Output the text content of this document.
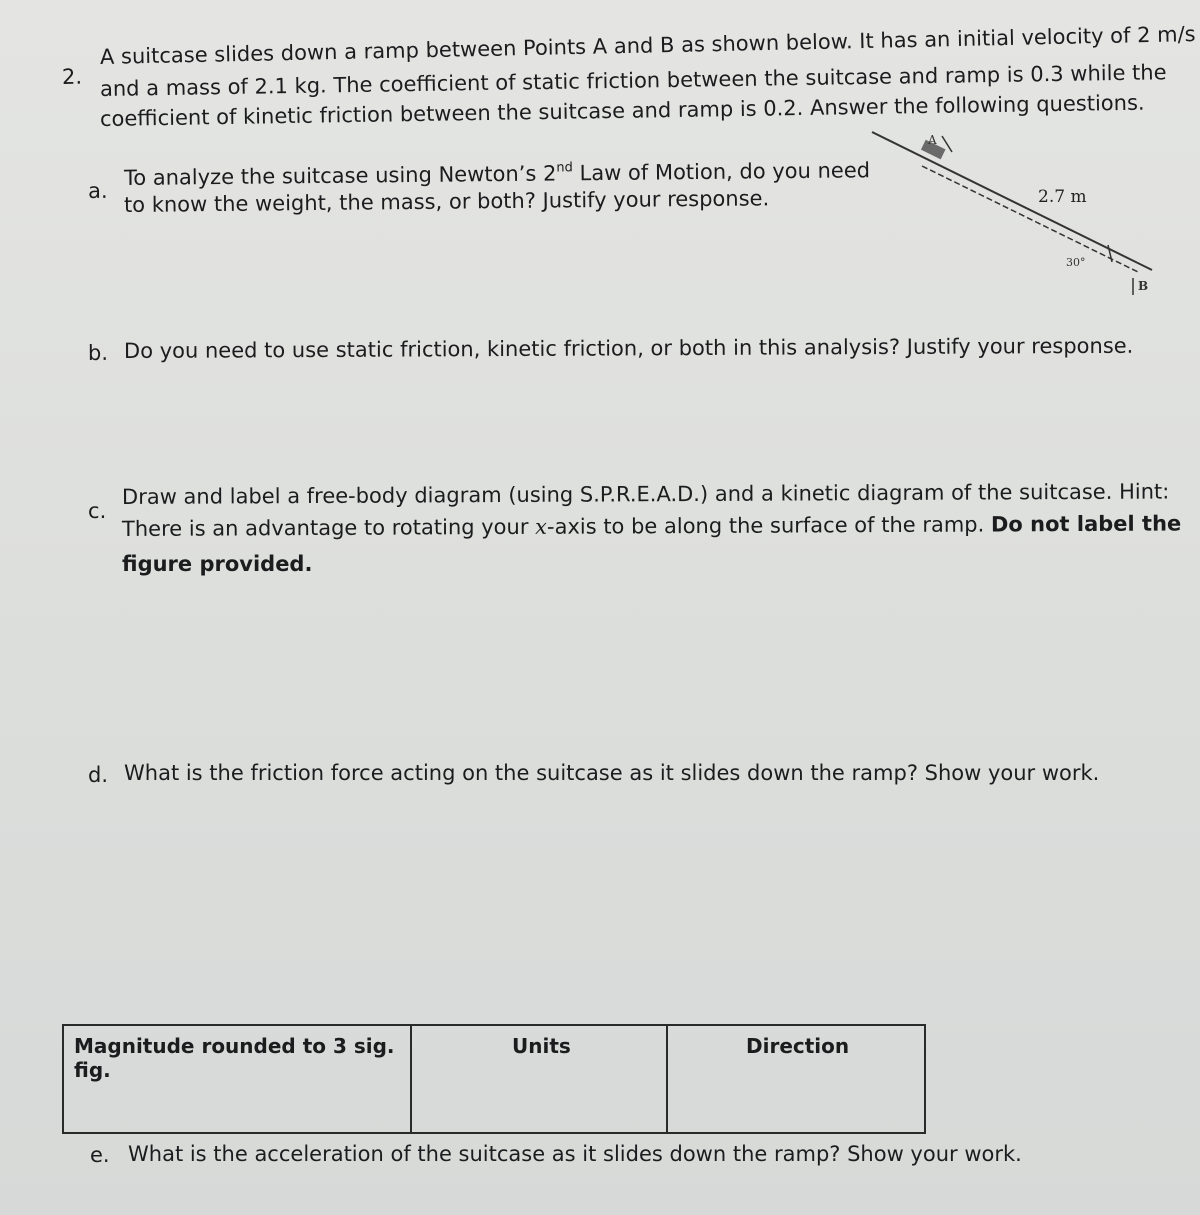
2.
A suitcase slides down a ramp between Points A and B as shown below. It has an initial velocity of 2 m/s
and a mass of 2.1 kg. The coefficient of static friction between the suitcase and ramp is 0.3 while the
coefficient of kinetic friction between the suitcase and ramp is 0.2. Answer the following questions.
a.
To analyze the suitcase using Newton’s 2nd Law of Motion, do you need
to know the weight, the mass, or both? Justify your response.
A
2.7 m
30°
B
b. Do you need to use static friction, kinetic friction, or both in this analysis? Justify your response.
c.
Draw and label a free-body diagram (using S.P.R.E.A.D.) and a kinetic diagram of the suitcase. Hint:
There is an advantage to rotating your x-axis to be along the surface of the ramp. Do not label the
figure provided.
d. What is the friction force acting on the suitcase as it slides down the ramp? Show your work.
Magnitude rounded to 3 sig. fig.
Units	Direction
e. What is the acceleration of the suitcase as it slides down the ramp? Show your work.
